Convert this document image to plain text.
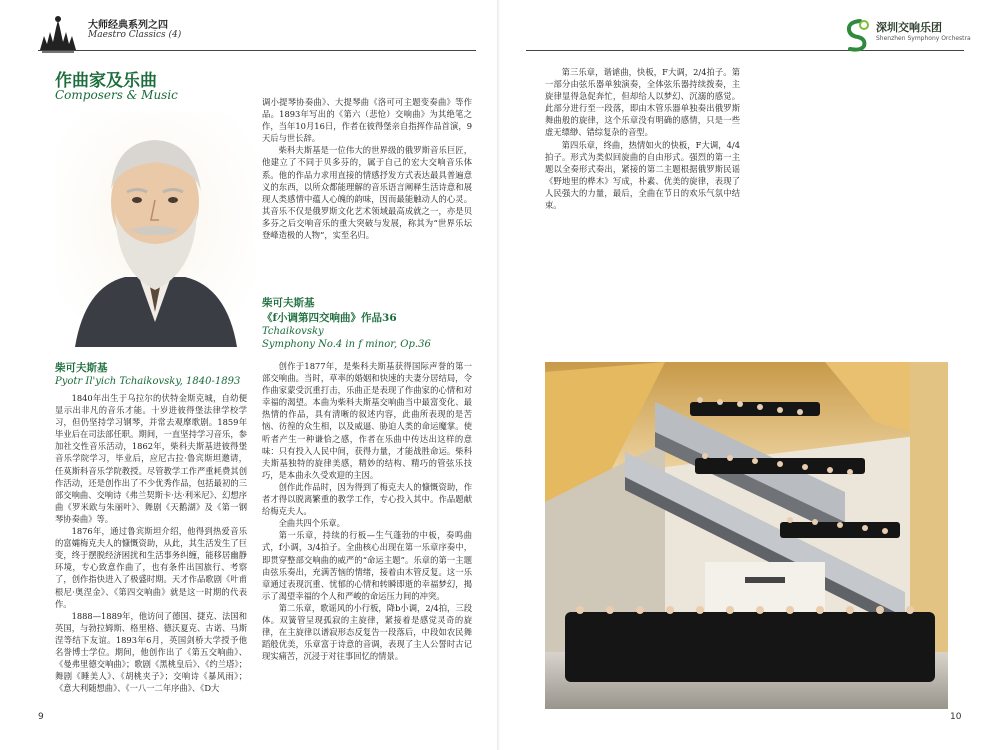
大师经典系列之四
Maestro Classics (4)
作曲家及乐曲
Composers & Music
柴可夫斯基
Pyotr Il'yich Tchaikovsky, 1840-1893

1840年出生于乌拉尔的伏特金斯克城，自幼便显示出非凡的音乐才能。十岁进彼得堡法律学校学习，但仍坚持学习钢琴，并常去观摩歌剧。1859年毕业后在司法部任职。期间，一直坚持学习音乐，参加社交性音乐活动，1862年，柴科夫斯基进彼得堡音乐学院学习，毕业后，应尼古拉·鲁宾斯坦邀请，任莫斯科音乐学院教授。尽管教学工作严重耗费其创作活动，还是创作出了不少优秀作品，包括最初的三部交响曲、交响诗《弗兰契斯卡·达·利米尼》、幻想序曲《罗米欧与朱丽叶》、舞剧《天鹅湖》及《第一钢琴协奏曲》等。

1876年，通过鲁宾斯坦介绍，他得到热爱音乐的富孀梅克夫人的慷慨资助，从此，其生活发生了巨变，终于摆脱经济困扰和生活事务纠缠，能移居幽静环境，专心致意作曲了，也有条件出国旅行、考察了，创作指快进入了极盛时期。天才作品歌剧《叶甫根尼·奥涅金》、《第四交响曲》就是这一时期的代表作。

1888—1889年，他访问了德国、捷克、法国和英国，与勃拉姆斯、格里格、德沃夏克、古诺、马斯涅等结下友谊。1893年6月，英国剑桥大学授予他名誉博士学位。期间，他创作出了《第五交响曲》、《曼弗里德交响曲》；歌剧《黑桃皇后》、《约兰塔》；舞剧《睡美人》、《胡桃夹子》；交响诗《暴风雨》；《意大利随想曲》、《一八一二年序曲》、《D大

调小提琴协奏曲》、大提琴曲《洛可可主题变奏曲》等作品。1893年写出的《第六（悲怆）交响曲》为其绝笔之作，当年10月16日，作者在彼得堡亲自指挥作品首演，9天后与世长辞。

柴科夫斯基是一位伟大的世界级的俄罗斯音乐巨匠，他建立了不同于贝多芬的，属于自己的宏大交响音乐体系。他的作品力求用直接的情感抒发方式表达最具普遍意义的东西，以所众都能理解的音乐语言阐释生活诗意和展现人类感情中蕴人心魄的韵味，因而最能触动人的心灵。其音乐不仅是俄罗斯文化艺术领域最高成就之一，亦是贝多芬之后交响音乐的重大突破与发展，称其为“世界乐坛登峰造极的人物”，实至名归。

柴可夫斯基
《f小调第四交响曲》作品36
Tchaikovsky
Symphony No.4 in f minor, Op.36

创作于1877年，是柴科夫斯基获得国际声誉的第一部交响曲。当时，草率的婚姻和快速的夫妻分居结局，令作曲家蒙受沉重打击，乐曲正是表现了作曲家的心情和对幸福的渴望。本曲为柴科夫斯基交响曲当中最富变化、最热情的作品，具有清晰的叙述内容，此曲所表现的是苦恼、彷徨的众生相，以及威逼、胁迫人类的命运魔掌。使听者产生一种谦恰之感，作者在乐曲中传达出这样的意味：只有投入人民中间，获得力量，才能战胜命运。柴科夫斯基独特的旋律美感，精妙的结构、精巧的管弦乐技巧，是本曲永久受欢迎的主因。

创作此作品时，因为得到了梅克夫人的慷慨资助，作者才得以脱离繁重的教学工作，专心投入其中。作品题献给梅克夫人。

全曲共四个乐章。

第一乐章，持续的行板—生气蓬勃的中板，奏鸣曲式，f小调，3/4拍子。全曲核心出现在第一乐章序奏中，即贯穿整部交响曲的威严的“命运主题”。乐章的第一主题由弦乐奏出，充满苦恼的情绪，接着由木管反复。这一乐章通过表现沉重、忧郁的心情和转瞬即逝的幸福梦幻，揭示了渴望幸福的个人和严峻的命运压力间的冲突。

第二乐章，歌谣风的小行板，降b小调，2/4拍，三段体。双簧管呈现孤寂的主旋律，紧接着是感觉灵奇的旋律，在主旋律以谱寂形态反复告一段落后，中段如农民舞蹈般优美，乐章富于诗意的音调，表现了主人公誓时古记现实痛苦，沉浸于对往事回忆的情景。

9
深圳交响乐团
Shenzhen Symphony Orchestra

第三乐章，谐谑曲，快板，F大调，2/4拍子。第一部分由弦乐器单独演奏，全体弦乐器持续拨奏，主旋律显得急促奔忙，但却给人以梦幻、沉溺的感觉。此部分进行至一段落，即由木管乐器单独奏出俄罗斯舞曲般的旋律，这个乐章没有明确的感情，只是一些虚无缥缈、错综复杂的音型。

第四乐章，终曲，热情如火的快板，F大调，4/4拍子。形式为类似回旋曲的自由形式。强烈的第一主题以全奏形式奏出，紧接的第二主题根据俄罗斯民谣《野地里的桦木》写成，朴素、优美的旋律，表现了人民强大的力量，最后，全曲在节日的欢乐气氛中结束。

10
